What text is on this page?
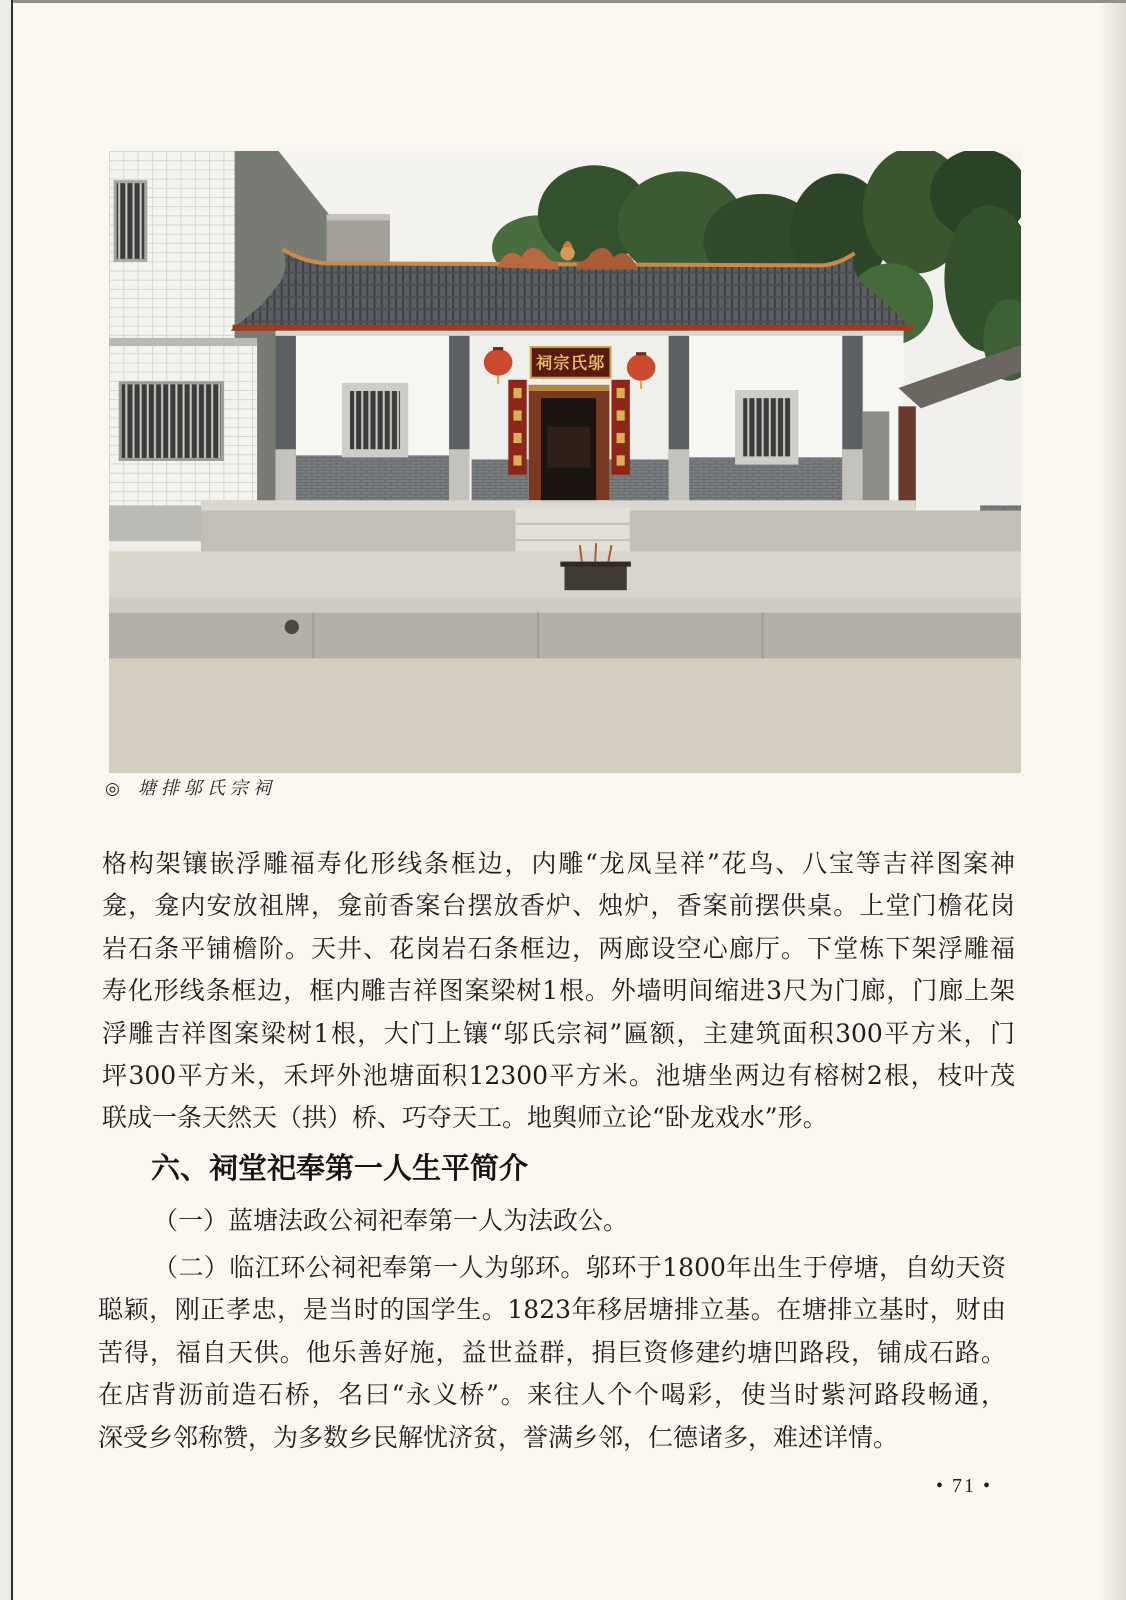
祠宗氏邬
◎ 塘排邬氏宗祠
格构架镶嵌浮雕福寿化形线条框边，内雕“龙凤呈祥”花鸟、八宝等吉祥图案神
龛，龛内安放祖牌，龛前香案台摆放香炉、烛炉，香案前摆供桌。上堂门檐花岗
岩石条平铺檐阶。天井、花岗岩石条框边，两廊设空心廊厅。下堂栋下架浮雕福
寿化形线条框边，框内雕吉祥图案梁树1根。外墙明间缩进3尺为门廊，门廊上架
浮雕吉祥图案梁树1根，大门上镶“邬氏宗祠”匾额，主建筑面积300平方米，门
坪300平方米，禾坪外池塘面积12300平方米。池塘坐两边有榕树2根，枝叶茂
联成一条天然天（拱）桥、巧夺天工。地舆师立论“卧龙戏水”形。
六、祠堂祀奉第一人生平简介
（一）蓝塘法政公祠祀奉第一人为法政公。
（二）临江环公祠祀奉第一人为邬环。邬环于1800年出生于停塘，自幼天资
聪颖，刚正孝忠，是当时的国学生。1823年移居塘排立基。在塘排立基时，财由
苦得，福自天供。他乐善好施，益世益群，捐巨资修建约塘凹路段，铺成石路。
在店背沥前造石桥，名曰“永义桥”。来往人个个喝彩，使当时紫河路段畅通，
深受乡邻称赞，为多数乡民解忧济贫，誉满乡邻，仁德诸多，难述详情。
• 71 •
